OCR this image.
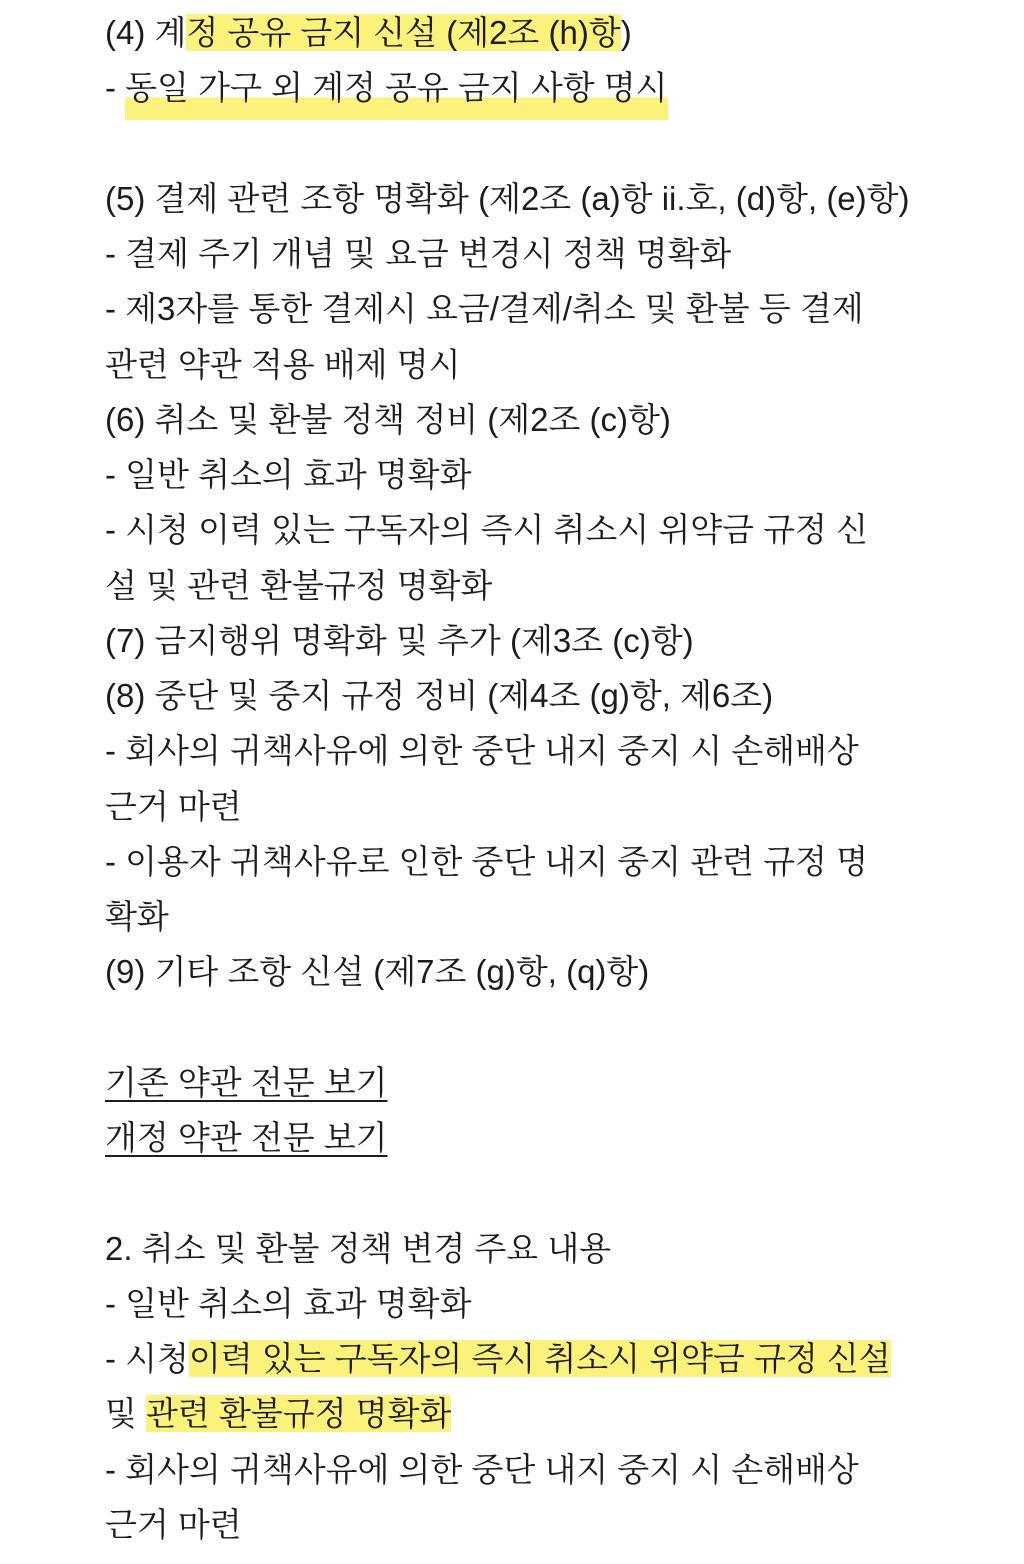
(4) 계정 공유 금지 신설 (제2조 (h)항)
- 동일 가구 외 계정 공유 금지 사항 명시
(5) 결제 관련 조항 명확화 (제2조 (a)항 ii.호, (d)항, (e)항)
- 결제 주기 개념 및 요금 변경시 정책 명확화
- 제3자를 통한 결제시 요금/결제/취소 및 환불 등 결제
관련 약관 적용 배제 명시
(6) 취소 및 환불 정책 정비 (제2조 (c)항)
- 일반 취소의 효과 명확화
- 시청 이력 있는 구독자의 즉시 취소시 위약금 규정 신
설 및 관련 환불규정 명확화
(7) 금지행위 명확화 및 추가 (제3조 (c)항)
(8) 중단 및 중지 규정 정비 (제4조 (g)항, 제6조)
- 회사의 귀책사유에 의한 중단 내지 중지 시 손해배상
근거 마련
- 이용자 귀책사유로 인한 중단 내지 중지 관련 규정 명
확화
(9) 기타 조항 신설 (제7조 (g)항, (q)항)
기존 약관 전문 보기
개정 약관 전문 보기
2. 취소 및 환불 정책 변경 주요 내용
- 일반 취소의 효과 명확화
- 시청이력 있는 구독자의 즉시 취소시 위약금 규정 신설
및 관련 환불규정 명확화
- 회사의 귀책사유에 의한 중단 내지 중지 시 손해배상
근거 마련
